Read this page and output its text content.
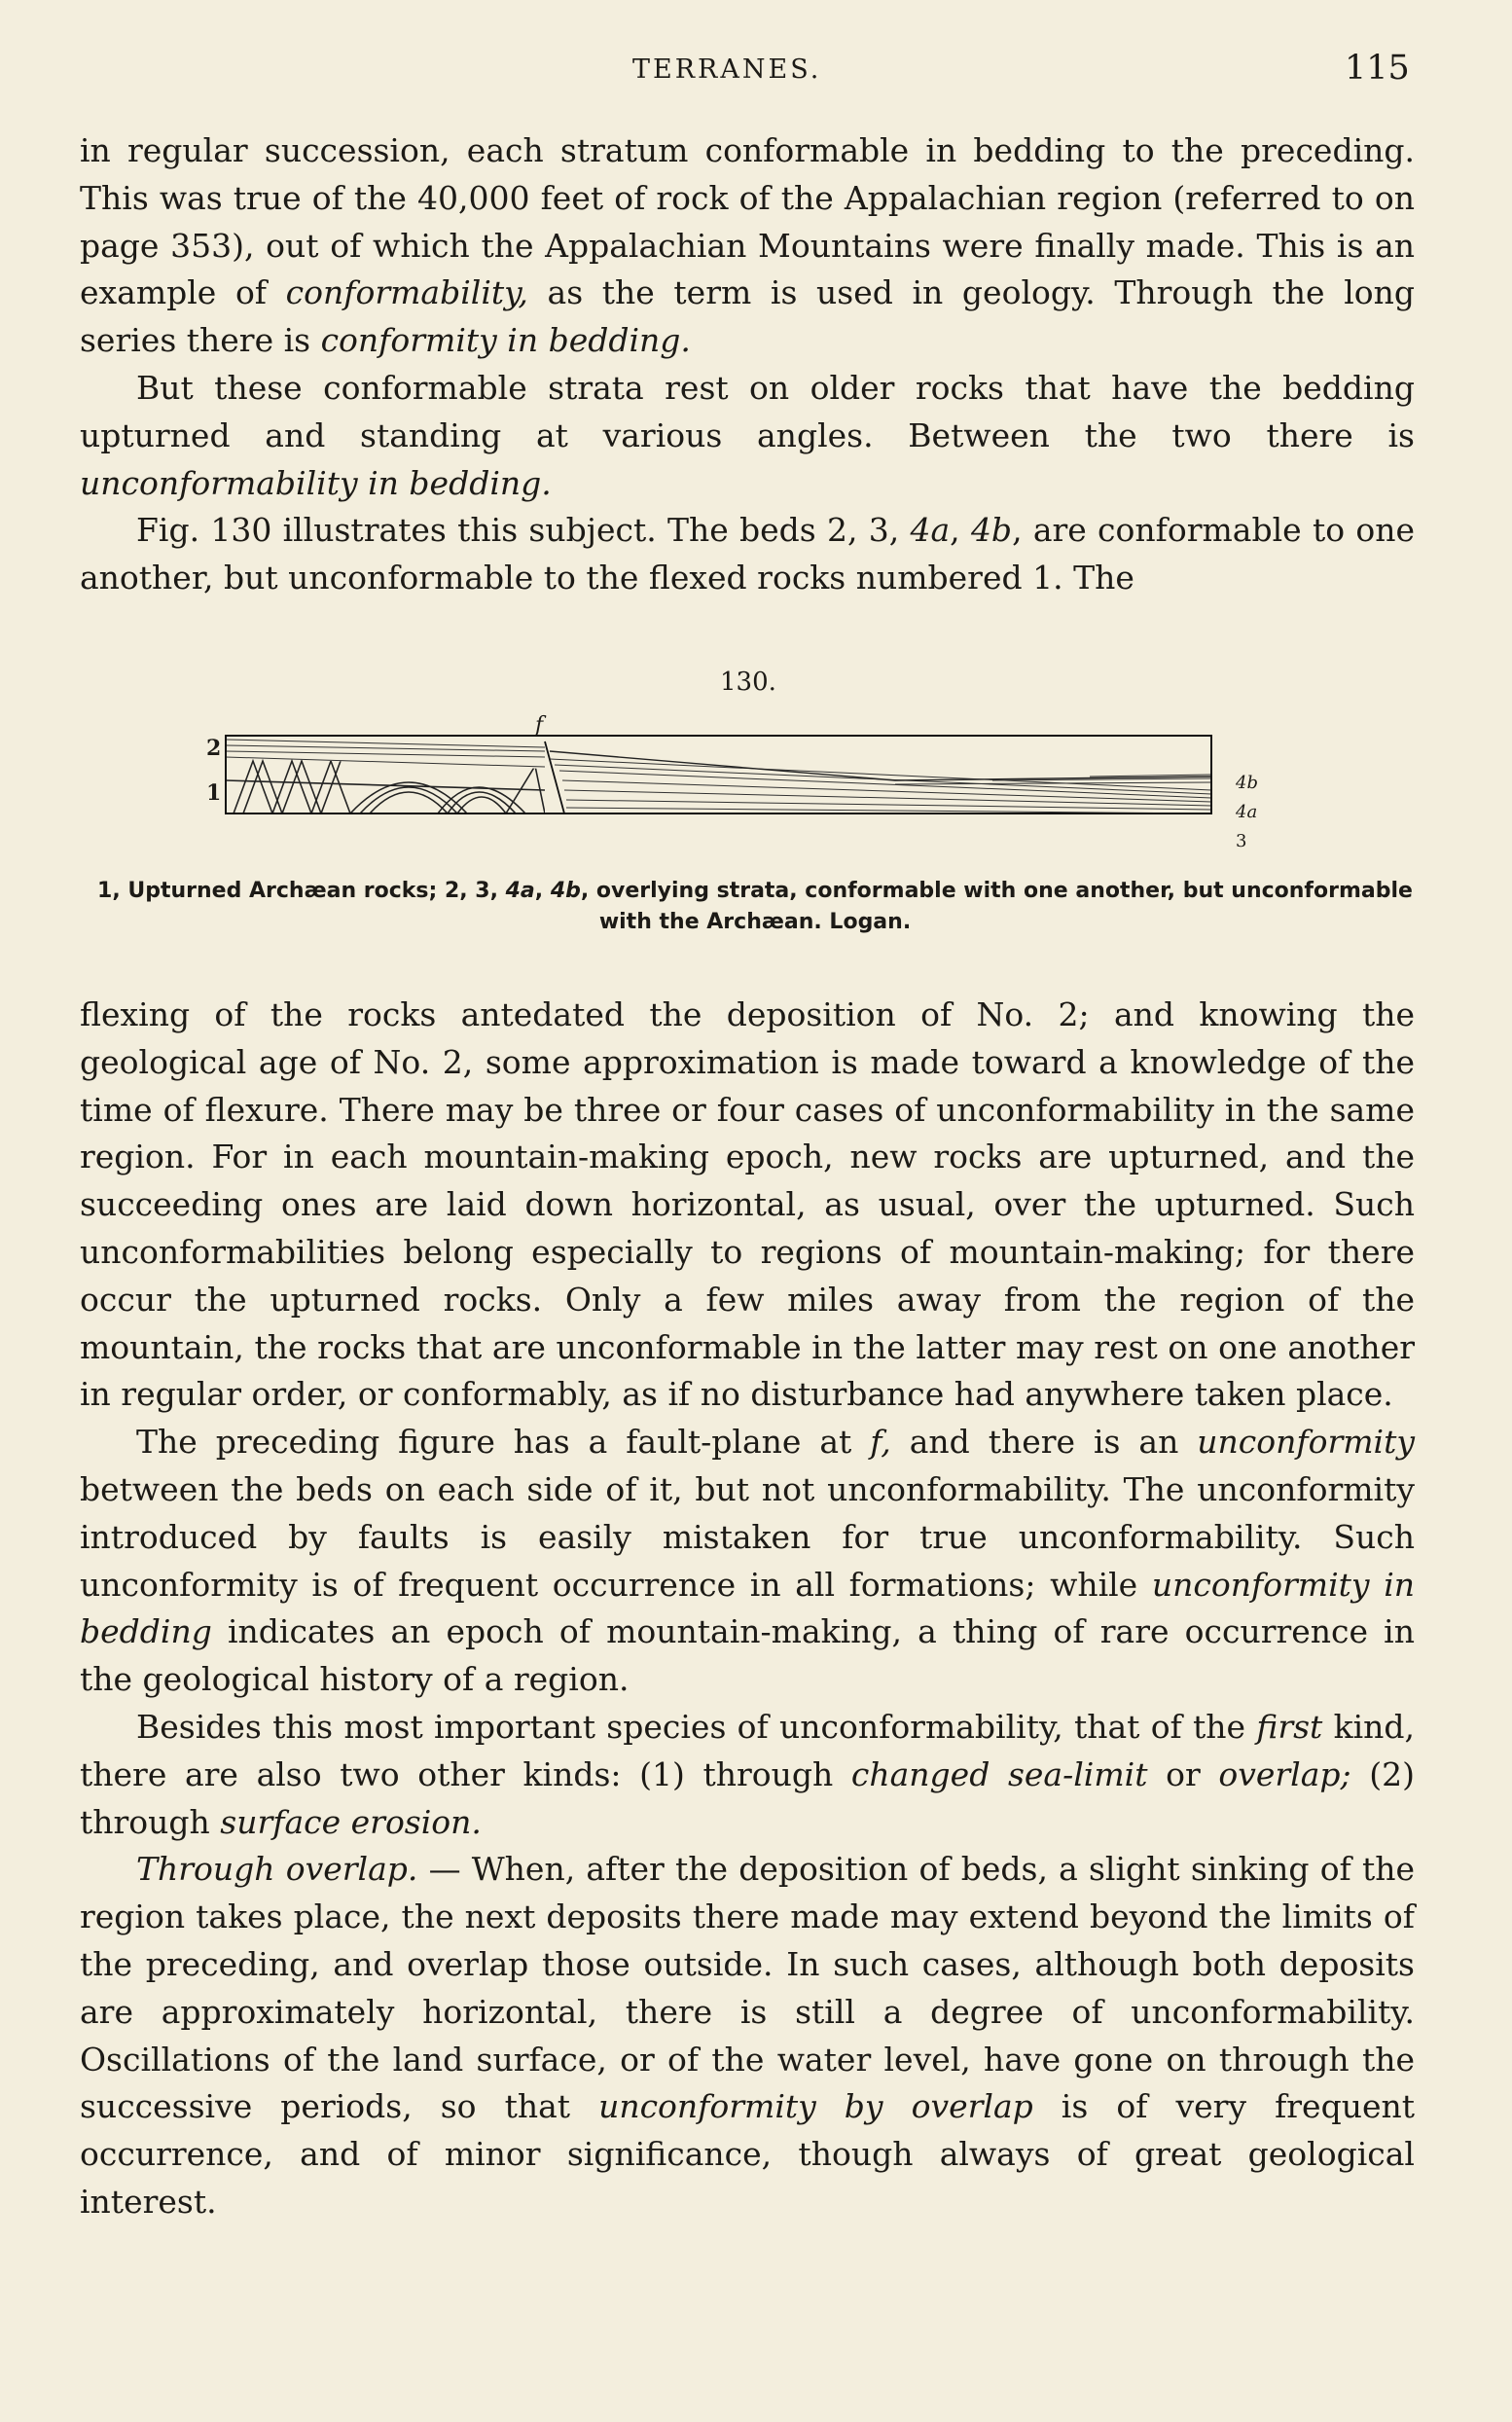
TERRANES.	115

in regular succession, each stratum conformable in bedding to the preceding. This was true of the 40,000 feet of rock of the Appalachian region (referred to on page 353), out of which the Appalachian Mountains were finally made. This is an example of conformability, as the term is used in geology. Through the long series there is conformity in bedding.

But these conformable strata rest on older rocks that have the bedding upturned and standing at various angles. Between the two there is unconformability in bedding.

Fig. 130 illustrates this subject. The beds 2, 3, 4a, 4b, are conformable to one another, but unconformable to the flexed rocks numbered 1. The

130.
f
2
1	4b
4a
3
1, Upturned Archæan rocks; 2, 3, 4a, 4b, overlying strata, conformable with one another, but unconformable with the Archæan. Logan.

flexing of the rocks antedated the deposition of No. 2; and knowing the geological age of No. 2, some approximation is made toward a knowledge of the time of flexure. There may be three or four cases of unconformability in the same region. For in each mountain-making epoch, new rocks are upturned, and the succeeding ones are laid down horizontal, as usual, over the upturned. Such unconformabilities belong especially to regions of mountain-making; for there occur the upturned rocks. Only a few miles away from the region of the mountain, the rocks that are unconformable in the latter may rest on one another in regular order, or conformably, as if no disturbance had anywhere taken place.

The preceding figure has a fault-plane at f, and there is an unconformity between the beds on each side of it, but not unconformability. The unconformity introduced by faults is easily mistaken for true unconformability. Such unconformity is of frequent occurrence in all formations; while unconformity in bedding indicates an epoch of mountain-making, a thing of rare occurrence in the geological history of a region.

Besides this most important species of unconformability, that of the first kind, there are also two other kinds: (1) through changed sea-limit or overlap; (2) through surface erosion.

Through overlap. — When, after the deposition of beds, a slight sinking of the region takes place, the next deposits there made may extend beyond the limits of the preceding, and overlap those outside. In such cases, although both deposits are approximately horizontal, there is still a degree of unconformability. Oscillations of the land surface, or of the water level, have gone on through the successive periods, so that unconformity by overlap is of very frequent occurrence, and of minor significance, though always of great geological interest.
